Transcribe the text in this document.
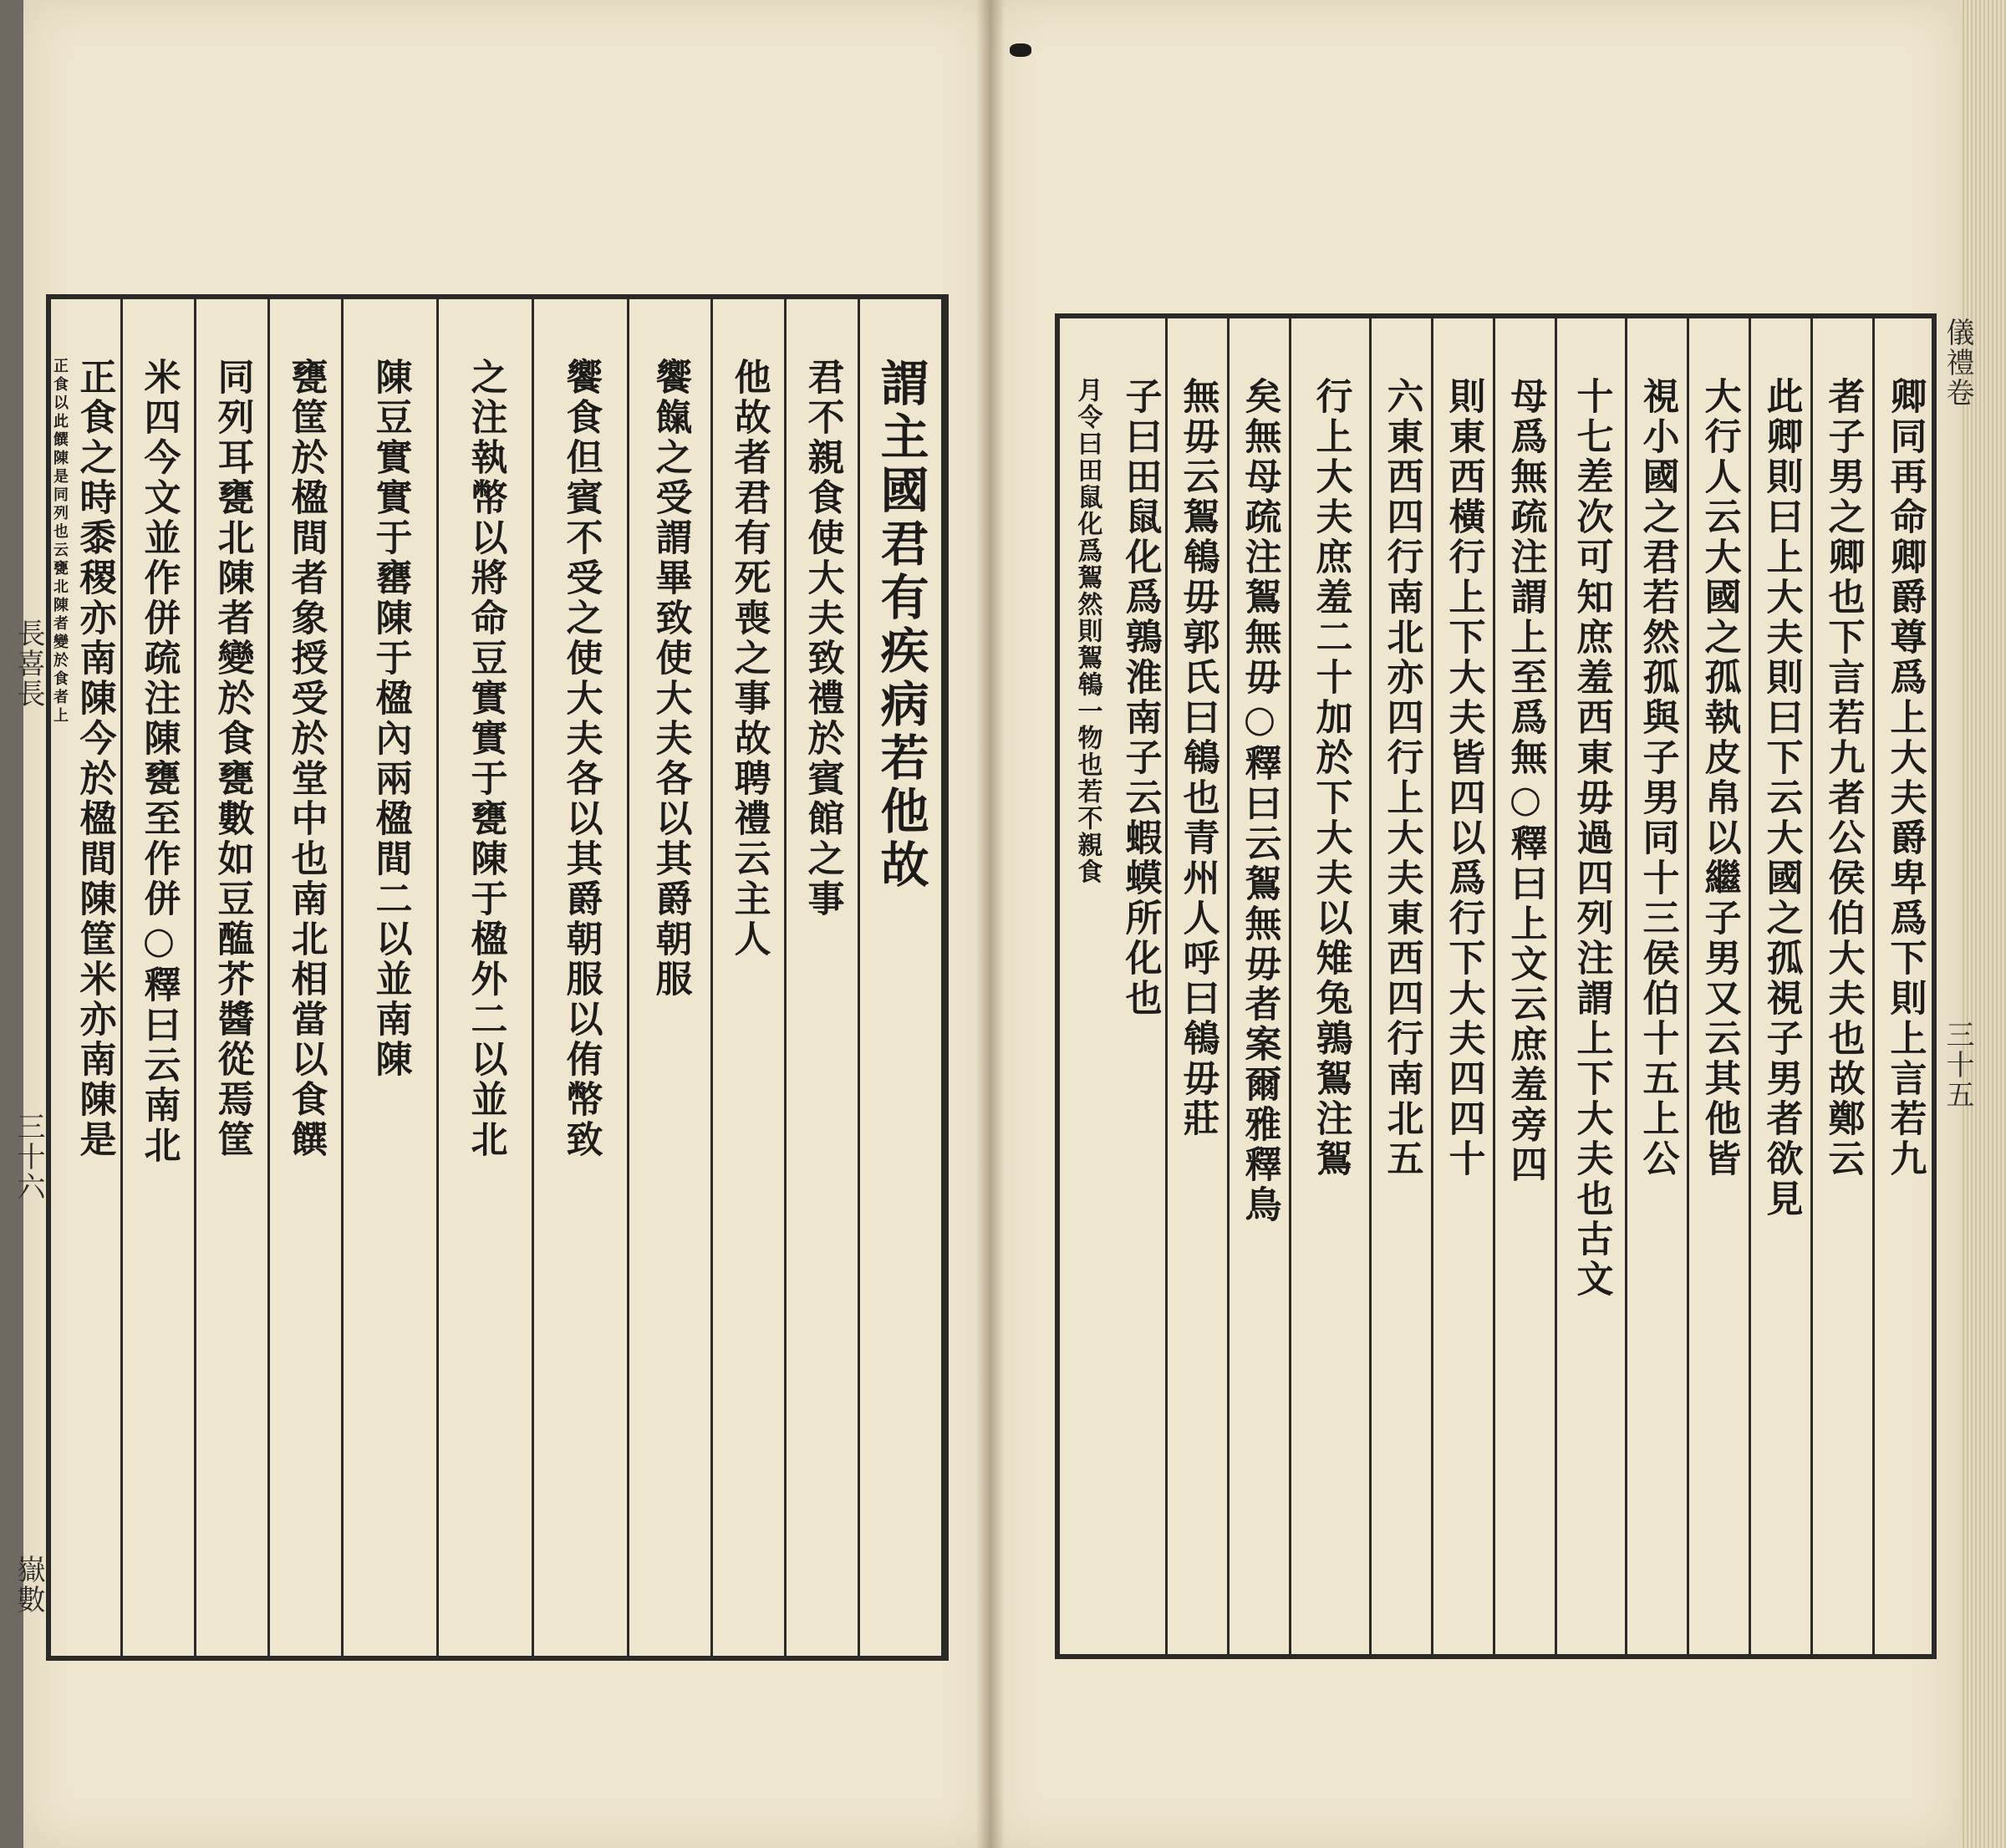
謂主國君有疾病若他故
君不親食使大夫致禮於賓館之事
他故者君有死喪之事故聘禮云主人
饗餼之受謂畢致使大夫各以其爵朝服
饗食但賓不受之使大夫各以其爵朝服以侑幣致
之注執幣以將命豆實實于甕陳于楹外二以並北
陳豆實實于罋陳于楹內兩楹間二以並南陳
甕筐於楹間者象授受於堂中也南北相當以食饌
同列耳甕北陳者變於食甕數如豆醢芥醬從焉筐
米四今文並作併疏注陳甕至作併○釋曰云南北
正食之時黍稷亦南陳今於楹間陳筐米亦南陳是
正食以此饌陳是同列也云甕北陳者變於食者上
長喜長
三十六
嶽數
卿同再命卿爵尊爲上大夫爵卑爲下則上言若九
者子男之卿也下言若九者公侯伯大夫也故鄭云
此卿則曰上大夫則曰下云大國之孤視子男者欲見
大行人云大國之孤執皮帛以繼子男又云其他皆
視小國之君若然孤與子男同十三侯伯十五上公
十七差次可知庶羞西東毋過四列注謂上下大夫也古文
母爲無疏注謂上至爲無○釋曰上文云庶羞旁四
則東西橫行上下大夫皆四以爲行下大夫四四十
六東西四行南北亦四行上大夫東西四行南北五
行上大夫庶羞二十加於下大夫以雉兔鶉鴽注鴽
矣無母疏注鴽無毋○釋曰云鴽無毋者案爾雅釋鳥
無毋云鴽鴾毋郭氏曰鴾也青州人呼曰鴾毋莊
子曰田鼠化爲鶉淮南子云蝦蟆所化也
月令曰田鼠化爲鴽然則鴽鴾一物也若不親食
儀禮卷
三十五
